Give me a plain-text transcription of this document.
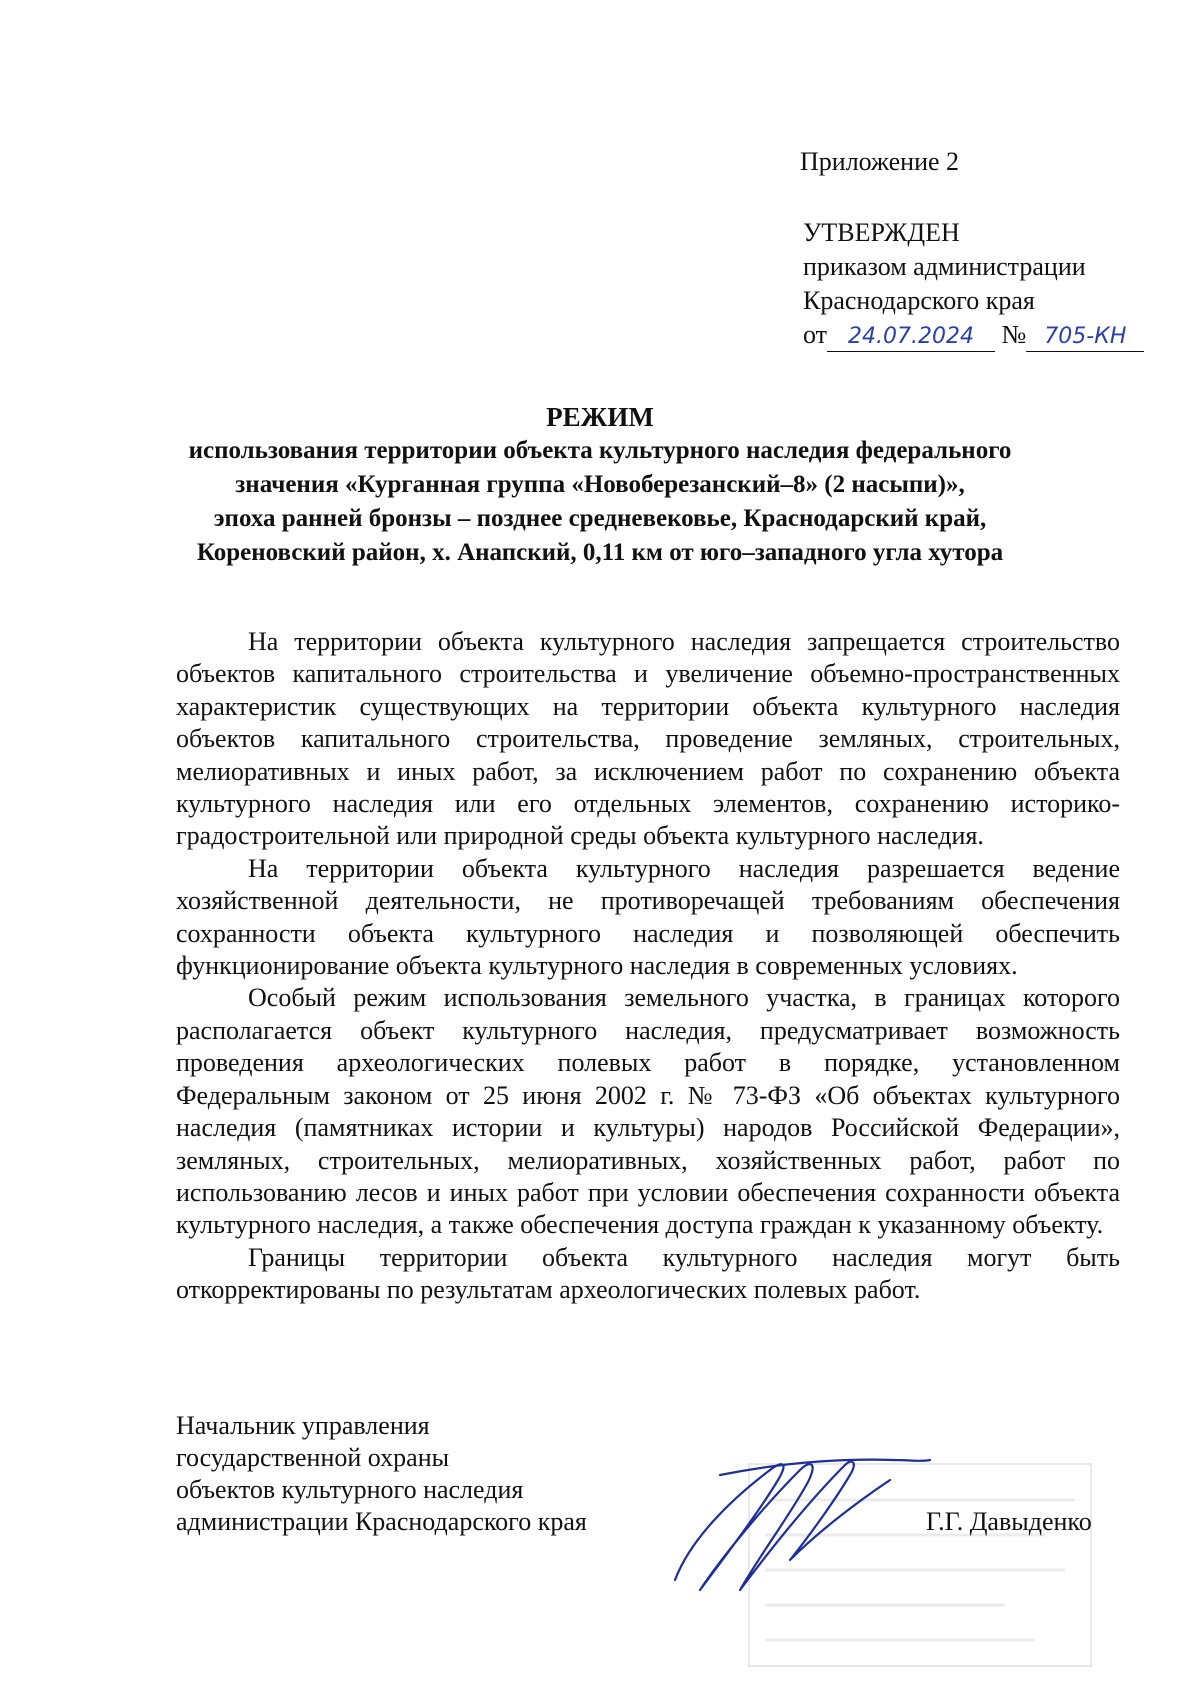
Приложение 2
УТВЕРЖДЕН
приказом администрации
Краснодарского края
от 24.07.2024 № 705-КН
РЕЖИМ
использования территории объекта культурного наследия федерального
значения «Курганная группа «Новоберезанский–8» (2 насыпи)»,
эпоха ранней бронзы – позднее средневековье, Краснодарский край,
Кореновский район, х. Анапский, 0,11 км от юго–западного угла хутора

На территории объекта культурного наследия запрещается строительство объектов капитального строительства и увеличение объемно-пространственных характеристик существующих на территории объекта культурного наследия объектов капитального строительства, проведение земляных, строительных, мелиоративных и иных работ, за исключением работ по сохранению объекта культурного наследия или его отдельных элементов, сохранению историко-градостроительной или природной среды объекта культурного наследия.

На территории объекта культурного наследия разрешается ведение хозяйственной деятельности, не противоречащей требованиям обеспечения сохранности объекта культурного наследия и позволяющей обеспечить функционирование объекта культурного наследия в современных условиях.

Особый режим использования земельного участка, в границах которого располагается объект культурного наследия, предусматривает возможность проведения археологических полевых работ в порядке, установленном Федеральным законом от 25 июня 2002 г. № 73-ФЗ «Об объектах культурного наследия (памятниках истории и культуры) народов Российской Федерации», земляных, строительных, мелиоративных, хозяйственных работ, работ по использованию лесов и иных работ при условии обеспечения сохранности объекта культурного наследия, а также обеспечения доступа граждан к указанному объекту.

Границы территории объекта культурного наследия могут быть откорректированы по результатам археологических полевых работ.

Начальник управления
государственной охраны
объектов культурного наследия
администрации Краснодарского края	Г.Г. Давыденко
